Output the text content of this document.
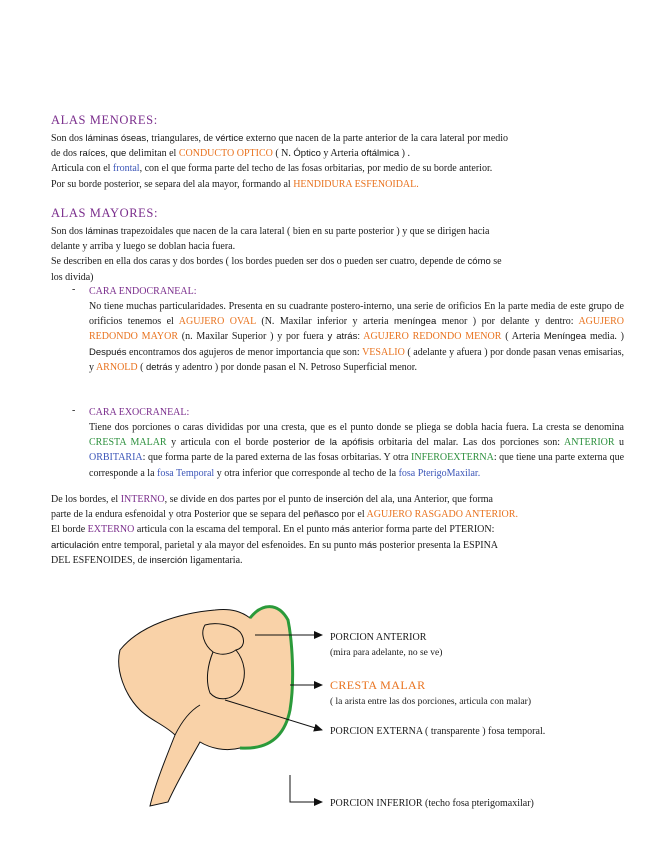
ALAS MENORES:
Son dos láminas óseas, triangulares, de vértice externo que nacen de la parte anterior de la cara lateral por medio
de dos raíces, que delimitan el CONDUCTO OPTICO ( N. Óptico y Arteria oftálmica ) .
Articula con el frontal, con el que forma parte del techo de las fosas orbitarias, por medio de su borde anterior.
Por su borde posterior, se separa del ala mayor, formando al HENDIDURA ESFENOIDAL.
ALAS MAYORES:
Son dos láminas trapezoidales que nacen de la cara lateral ( bien en su parte posterior ) y que se dirigen hacia
delante y arriba y luego se doblan hacia fuera.
Se describen en ella dos caras y dos bordes ( los bordes pueden ser dos o pueden ser cuatro, depende de cómo se
los divida)
- CARA ENDOCRANEAL:
No tiene muchas particularidades. Presenta en su cuadrante postero-interno, una serie de orificios En la parte media de este grupo de orificios tenemos el AGUJERO OVAL (N. Maxilar inferior y arteria meníngea menor ) por delante y dentro: AGUJERO REDONDO MAYOR (n. Maxilar Superior ) y por fuera y atrás: AGUJERO REDONDO MENOR ( Arteria Meníngea media. ) Después encontramos dos agujeros de menor importancia que son: VESALIO ( adelante y afuera ) por donde pasan venas emisarias, y ARNOLD ( detrás y adentro ) por donde pasan el N. Petroso Superficial menor.
- CARA EXOCRANEAL:
Tiene dos porciones o caras divididas por una cresta, que es el punto donde se pliega se dobla hacia fuera. La cresta se denomina CRESTA MALAR y articula con el borde posterior de la apófisis orbitaria del malar. Las dos porciones son: ANTERIOR u ORBITARIA: que forma parte de la pared externa de las fosas orbitarias. Y otra INFEROEXTERNA: que tiene una parte externa que corresponde a la fosa Temporal y otra inferior que corresponde al techo de la fosa PterigoMaxilar.
De los bordes, el INTERNO, se divide en dos partes por el punto de inserción del ala, una Anterior, que forma
parte de la endura esfenoidal y otra Posterior que se separa del peñasco por el AGUJERO RASGADO ANTERIOR.
El borde EXTERNO articula con la escama del temporal. En el punto más anterior forma parte del PTERION:
articulación entre temporal, parietal y ala mayor del esfenoides. En su punto más posterior presenta la ESPINA
DEL ESFENOIDES, de inserción ligamentaria.
PORCION ANTERIOR
(mira para adelante, no se ve)
CRESTA MALAR
( la arista entre las dos porciones, articula con malar)
PORCION EXTERNA ( transparente ) fosa temporal.
PORCION INFERIOR (techo fosa pterigomaxilar)
